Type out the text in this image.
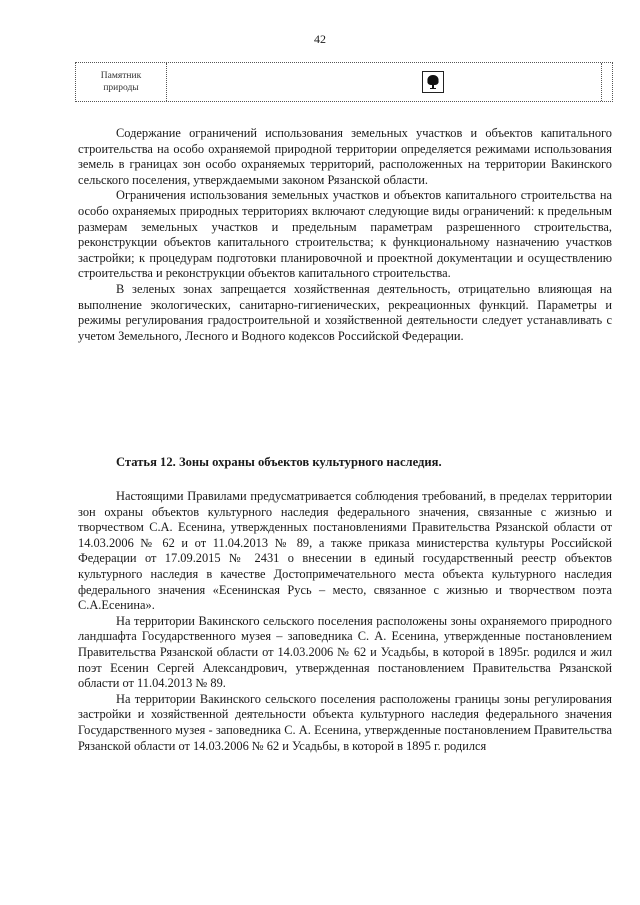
42
Памятник
природы

Содержание ограничений использования земельных участков и объектов капитального строительства на особо охраняемой природной территории определяется режимами использования земель в границах зон особо охраняемых территорий, расположенных на территории Вакинского сельского поселения, утверждаемыми законом Рязанской области.

Ограничения использования земельных участков и объектов капитального строительства на особо охраняемых природных территориях включают следующие виды ограничений: к предельным размерам земельных участков и предельным параметрам разрешенного строительства, реконструкции объектов капитального строительства; к функциональному назначению участков застройки; к процедурам подготовки планировочной и проектной документации и осуществлению строительства и реконструкции объектов капитального строительства.

В зеленых зонах запрещается хозяйственная деятельность, отрицательно влияющая на выполнение экологических, санитарно-гигиенических, рекреационных функций. Параметры и режимы регулирования градостроительной и хозяйственной деятельности следует устанавливать с учетом Земельного, Лесного и Водного кодексов Российской Федерации.

Статья 12. Зоны охраны объектов культурного наследия.

Настоящими Правилами предусматривается соблюдения требований, в пределах территории зон охраны объектов культурного наследия федерального значения, связанные с жизнью и творчеством С.А. Есенина, утвержденных постановлениями Правительства Рязанской области от 14.03.2006 № 62 и от 11.04.2013 № 89, а также приказа министерства культуры Российской Федерации от 17.09.2015 № 2431 о внесении в единый государственный реестр объектов культурного наследия в качестве Достопримечательного места объекта культурного наследия федерального значения «Есенинская Русь – место, связанное с жизнью и творчеством поэта С.А.Есенина».

На территории Вакинского сельского поселения расположены зоны охраняемого природного ландшафта Государственного музея – заповедника С. А. Есенина, утвержденные постановлением Правительства Рязанской области от 14.03.2006 № 62 и Усадьбы, в которой в 1895г. родился и жил поэт Есенин Сергей Александрович, утвержденная постановлением Правительства Рязанской области от 11.04.2013 № 89.

На территории Вакинского сельского поселения расположены границы зоны регулирования застройки и хозяйственной деятельности объекта культурного наследия федерального значения Государственного музея - заповедника С. А. Есенина, утвержденные постановлением Правительства Рязанской области от 14.03.2006 № 62 и Усадьбы, в которой в 1895 г. родился
